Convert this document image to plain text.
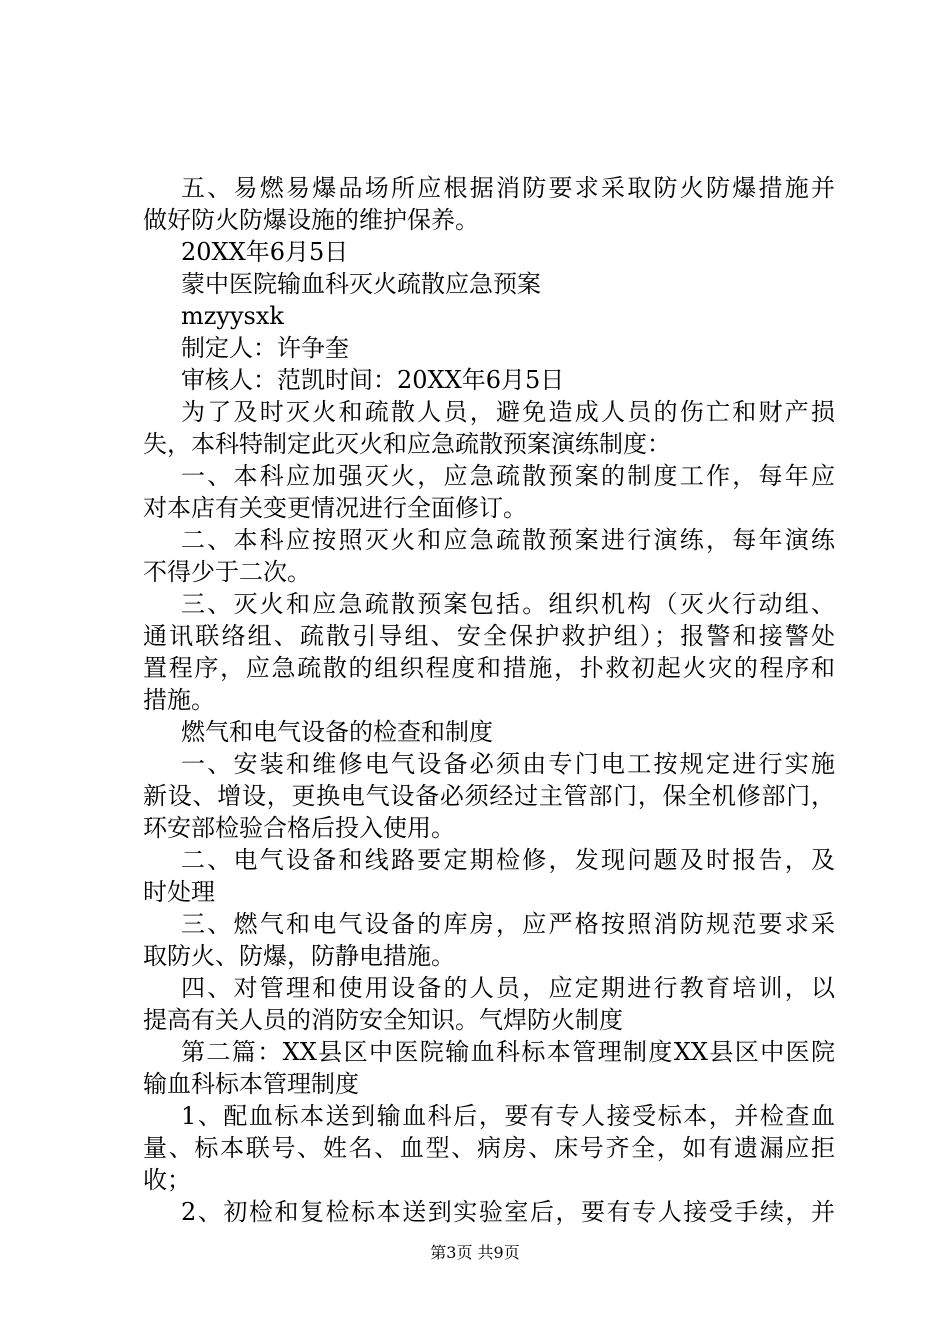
五、易燃易爆品场所应根据消防要求采取防火防爆措施并
做好防火防爆设施的维护保养。
20XX年6月5日
蒙中医院输血科灭火疏散应急预案
mzyysxk
制定人：许争奎
审核人：范凯时间：20XX年6月5日
为了及时灭火和疏散人员，避免造成人员的伤亡和财产损
失，本科特制定此灭火和应急疏散预案演练制度：
一、本科应加强灭火，应急疏散预案的制度工作，每年应
对本店有关变更情况进行全面修订。
二、本科应按照灭火和应急疏散预案进行演练，每年演练
不得少于二次。
三、灭火和应急疏散预案包括。组织机构（灭火行动组、
通讯联络组、疏散引导组、安全保护救护组）；报警和接警处
置程序，应急疏散的组织程度和措施，扑救初起火灾的程序和
措施。
燃气和电气设备的检查和制度
一、安装和维修电气设备必须由专门电工按规定进行实施
新设、增设，更换电气设备必须经过主管部门，保全机修部门，
环安部检验合格后投入使用。
二、电气设备和线路要定期检修，发现问题及时报告，及
时处理
三、燃气和电气设备的库房，应严格按照消防规范要求采
取防火、防爆，防静电措施。
四、对管理和使用设备的人员，应定期进行教育培训，以
提高有关人员的消防安全知识。气焊防火制度
第二篇：XX县区中医院输血科标本管理制度XX县区中医院
输血科标本管理制度
1、配血标本送到输血科后，要有专人接受标本，并检查血
量、标本联号、姓名、血型、病房、床号齐全，如有遗漏应拒
收；
2、初检和复检标本送到实验室后，要有专人接受手续，并
第3页 共9页
